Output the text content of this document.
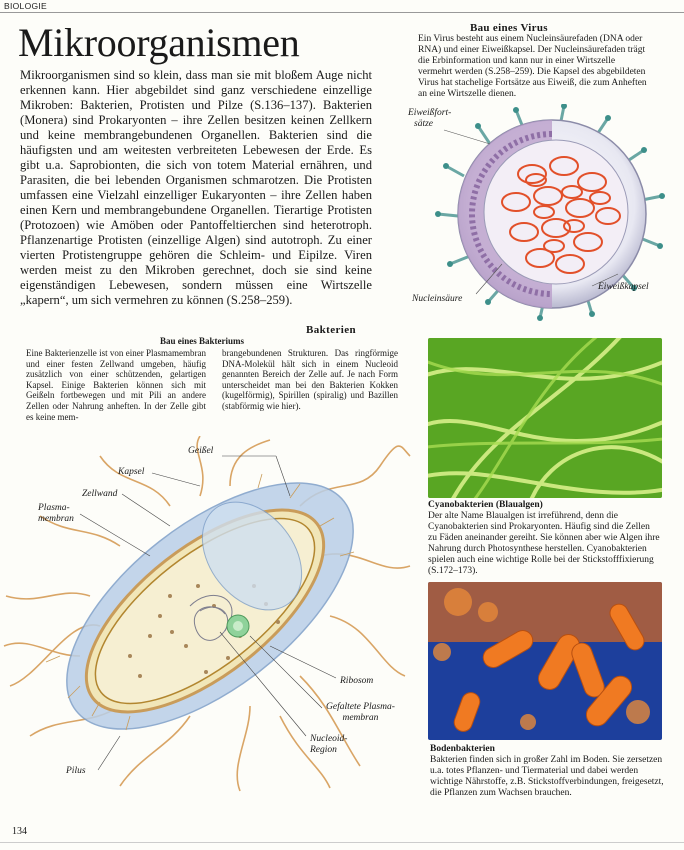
BIOLOGIE
Mikroorganismen
Mikroorganismen sind so klein, dass man sie mit bloßem Auge nicht erkennen kann. Hier abgebildet sind ganz verschiedene einzellige Mikroben: Bakterien, Protisten und Pilze (S.136–137). Bakterien (Monera) sind Prokaryonten – ihre Zellen besitzen keinen Zellkern und keine membrangebundenen Organellen. Bakterien sind die häufigsten und am weitesten verbreiteten Lebewesen der Erde. Es gibt u.a. Saprobionten, die sich von totem Material ernähren, und Parasiten, die bei lebenden Organismen schmarotzen. Die Protisten umfassen eine Vielzahl einzelliger Eukaryonten – ihre Zellen haben einen Kern und membrangebundene Organellen. Tierartige Protisten (Protozoen) wie Amöben oder Pantoffeltierchen sind heterotroph. Pflanzenartige Protisten (einzellige Algen) sind autotroph. Zu einer vierten Protistengruppe gehören die Schleim- und Eipilze. Viren werden meist zu den Mikroben gerechnet, doch sie sind keine eigenständigen Lebewesen, sondern müssen eine Wirtszelle „kapern“, um sich vermehren zu können (S.258–259).
Bau eines Virus
Ein Virus besteht aus einem Nucleinsäurefaden (DNA oder RNA) und einer Eiweißkapsel. Der Nucleinsäurefaden trägt die Erbinformation und kann nur in einer Wirtszelle vermehrt werden (S.258–259). Die Kapsel des abgebildeten Virus hat stachelige Fortsätze aus Eiweiß, die zum Anheften an eine Wirtszelle dienen.
Eiweißfort-
sätze
Nucleinsäure
Eiweißkapsel
Bakterien
Bau eines Bakteriums
Eine Bakterienzelle ist von einer Plasmamembran und einer festen Zellwand umgeben, häufig zusätzlich von einer schützenden, gelartigen Kapsel. Einige Bakterien können sich mit Geißeln fortbewegen und mit Pili an andere Zellen oder Nahrung anheften. In der Zelle gibt es keine mem-
brangebundenen Strukturen. Das ringförmige DNA-Molekül hält sich in einem Nucleoid genannten Bereich der Zelle auf. Je nach Form unterscheidet man bei den Bakterien Kokken (kugelförmig), Spirillen (spiralig) und Bazillen (stabförmig wie hier).
Geißel
Kapsel
Zellwand
Plasma-
membran
Ribosom
Gefaltete Plasma-
membran
Nucleoid-
Region
Pilus
Cyanobakterien (Blaualgen)
Der alte Name Blaualgen ist irreführend, denn die Cyanobakterien sind Prokaryonten. Häufig sind die Zellen zu Fäden aneinander gereiht. Sie können aber wie Algen ihre Nahrung durch Photosynthese herstellen. Cyanobakterien spielen auch eine wichtige Rolle bei der Stickstofffixierung (S.172–173).
Bodenbakterien
Bakterien finden sich in großer Zahl im Boden. Sie zersetzen u.a. totes Pflanzen- und Tiermaterial und dabei werden wichtige Nährstoffe, z.B. Stickstoffverbindungen, freigesetzt, die Pflanzen zum Wachsen brauchen.
134
